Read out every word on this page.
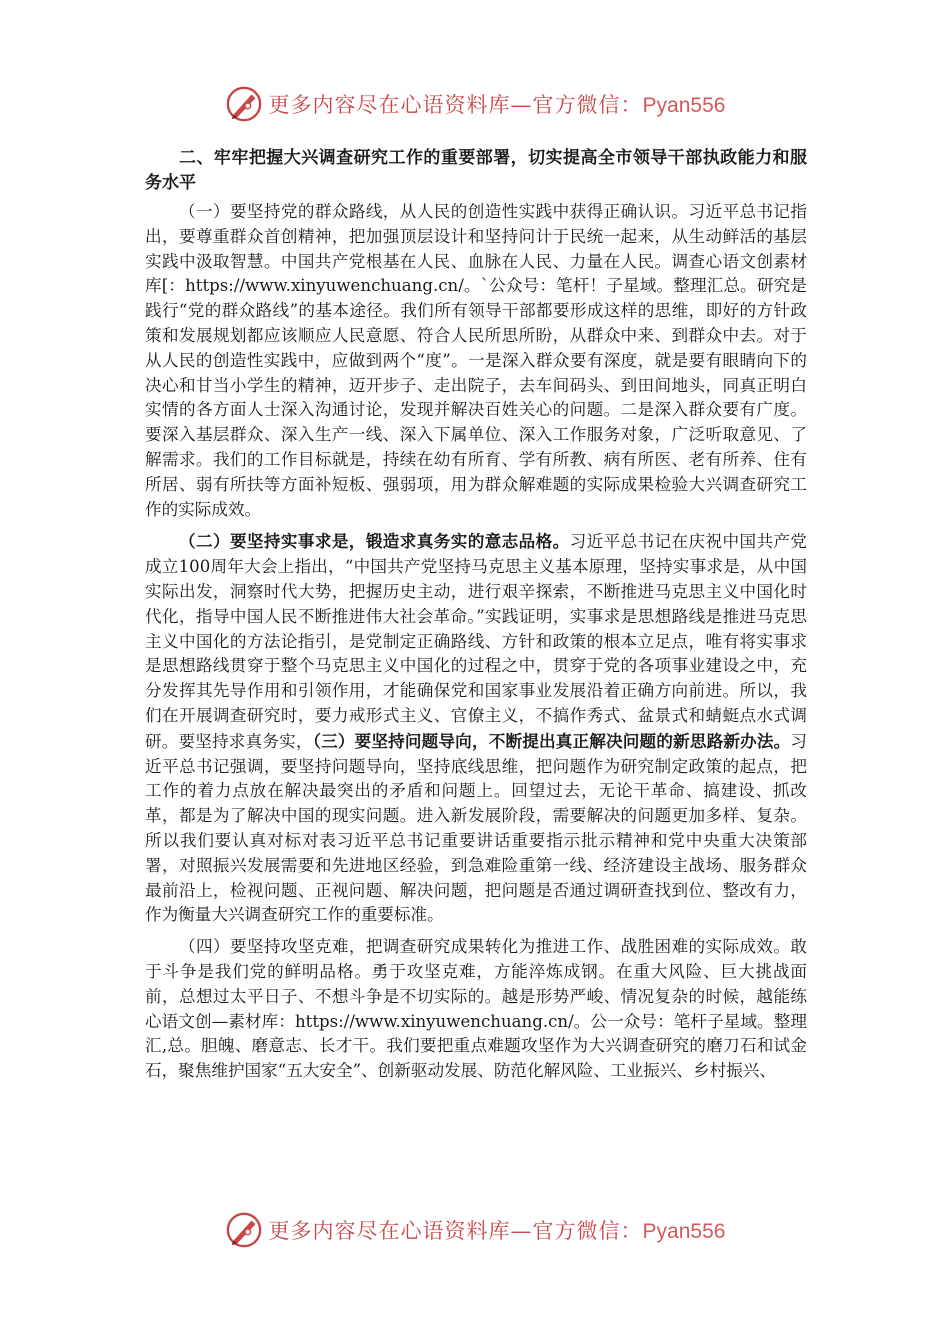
更多内容尽在心语资料库—官方微信：Pyan556

二、牢牢把握大兴调查研究工作的重要部署，切实提高全市领导干部执政能力和服务水平

（一）要坚持党的群众路线，从人民的创造性实践中获得正确认识。习近平总书记指出，要尊重群众首创精神，把加强顶层设计和坚持问计于民统一起来，从生动鲜活的基层实践中汲取智慧。中国共产党根基在人民、血脉在人民、力量在人民。调查心语文创素材库[：https://www.xinyuwenchuang.cn/。`公众号：笔杆！子星域。整理汇总。研究是践行“党的群众路线”的基本途径。我们所有领导干部都要形成这样的思维，即好的方针政策和发展规划都应该顺应人民意愿、符合人民所思所盼，从群众中来、到群众中去。对于从人民的创造性实践中，应做到两个“度”。一是深入群众要有深度，就是要有眼睛向下的决心和甘当小学生的精神，迈开步子、走出院子，去车间码头、到田间地头，同真正明白实情的各方面人士深入沟通讨论，发现并解决百姓关心的问题。二是深入群众要有广度。要深入基层群众、深入生产一线、深入下属单位、深入工作服务对象，广泛听取意见、了解需求。我们的工作目标就是，持续在幼有所育、学有所教、病有所医、老有所养、住有所居、弱有所扶等方面补短板、强弱项，用为群众解难题的实际成果检验大兴调查研究工作的实际成效。

（二）要坚持实事求是，锻造求真务实的意志品格。习近平总书记在庆祝中国共产党成立100周年大会上指出，“中国共产党坚持马克思主义基本原理，坚持实事求是，从中国实际出发，洞察时代大势，把握历史主动，进行艰辛探索，不断推进马克思主义中国化时代化，指导中国人民不断推进伟大社会革命。”实践证明，实事求是思想路线是推进马克思主义中国化的方法论指引，是党制定正确路线、方针和政策的根本立足点，唯有将实事求是思想路线贯穿于整个马克思主义中国化的过程之中，贯穿于党的各项事业建设之中，充分发挥其先导作用和引领作用，才能确保党和国家事业发展沿着正确方向前进。所以，我们在开展调查研究时，要力戒形式主义、官僚主义，不搞作秀式、盆景式和蜻蜓点水式调研。要坚持求真务实，（三）要坚持问题导向，不断提出真正解决问题的新思路新办法。习近平总书记强调，要坚持问题导向，坚持底线思维，把问题作为研究制定政策的起点，把工作的着力点放在解决最突出的矛盾和问题上。回望过去，无论干革命、搞建设、抓改革，都是为了解决中国的现实问题。进入新发展阶段，需要解决的问题更加多样、复杂。所以我们要认真对标对表习近平总书记重要讲话重要指示批示精神和党中央重大决策部署，对照振兴发展需要和先进地区经验，到急难险重第一线、经济建设主战场、服务群众最前沿上，检视问题、正视问题、解决问题，把问题是否通过调研查找到位、整改有力，作为衡量大兴调查研究工作的重要标准。

（四）要坚持攻坚克难，把调查研究成果转化为推进工作、战胜困难的实际成效。敢于斗争是我们党的鲜明品格。勇于攻坚克难，方能淬炼成钢。在重大风险、巨大挑战面前，总想过太平日子、不想斗争是不切实际的。越是形势严峻、情况复杂的时候，越能练心语文创—素材库：https://www.xinyuwenchuang.cn/。公一众号：笔杆子星域。整理汇,总。胆魄、磨意志、长才干。我们要把重点难题攻坚作为大兴调查研究的磨刀石和试金石，聚焦维护国家“五大安全”、创新驱动发展、防范化解风险、工业振兴、乡村振兴、

更多内容尽在心语资料库—官方微信：Pyan556
